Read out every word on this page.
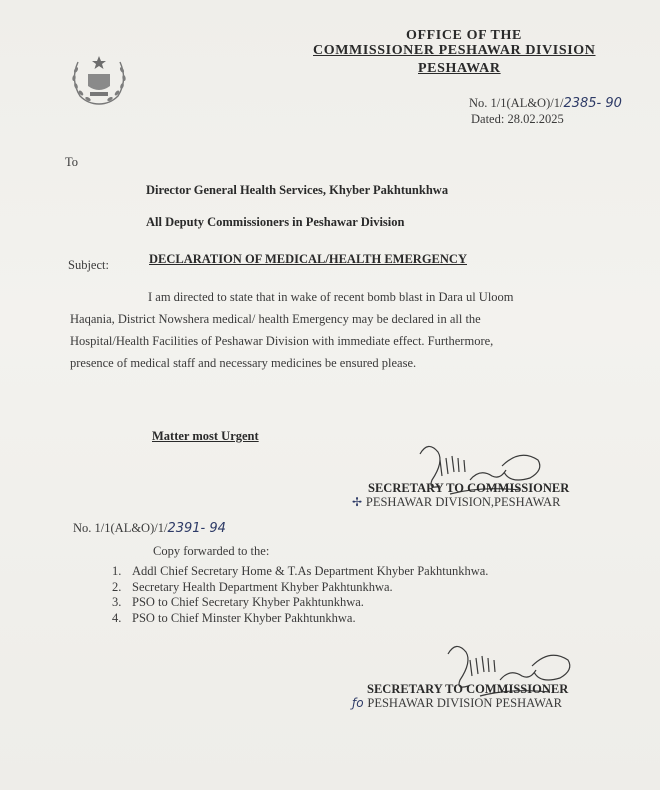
OFFICE OF THE
COMMISSIONER PESHAWAR DIVISION
PESHAWAR
No. 1/1(AL&O)/1/2385- 90
Dated: 28.02.2025
To
Director General Health Services, Khyber Pakhtunkhwa
All Deputy Commissioners in Peshawar Division
Subject:	DECLARATION OF MEDICAL/HEALTH EMERGENCY

I am directed to state that in wake of recent bomb blast in Dara ul Uloom

Haqania, District Nowshera medical/ health Emergency may be declared in all the

Hospital/Health Facilities of Peshawar Division with immediate effect. Furthermore,

presence of medical staff and necessary medicines be ensured please.

Matter most Urgent
SECRETARY TO COMMISSIONER
✢ PESHAWAR DIVISION,PESHAWAR
No. 1/1(AL&O)/1/2391- 94
Copy forwarded to the:
1. Addl Chief Secretary Home & T.As Department Khyber Pakhtunkhwa.
2. Secretary Health Department Khyber Pakhtunkhwa.
3. PSO to Chief Secretary Khyber Pakhtunkhwa.
4. PSO to Chief Minster Khyber Pakhtunkhwa.
SECRETARY TO COMMISSIONER
ƒo PESHAWAR DIVISION PESHAWAR
